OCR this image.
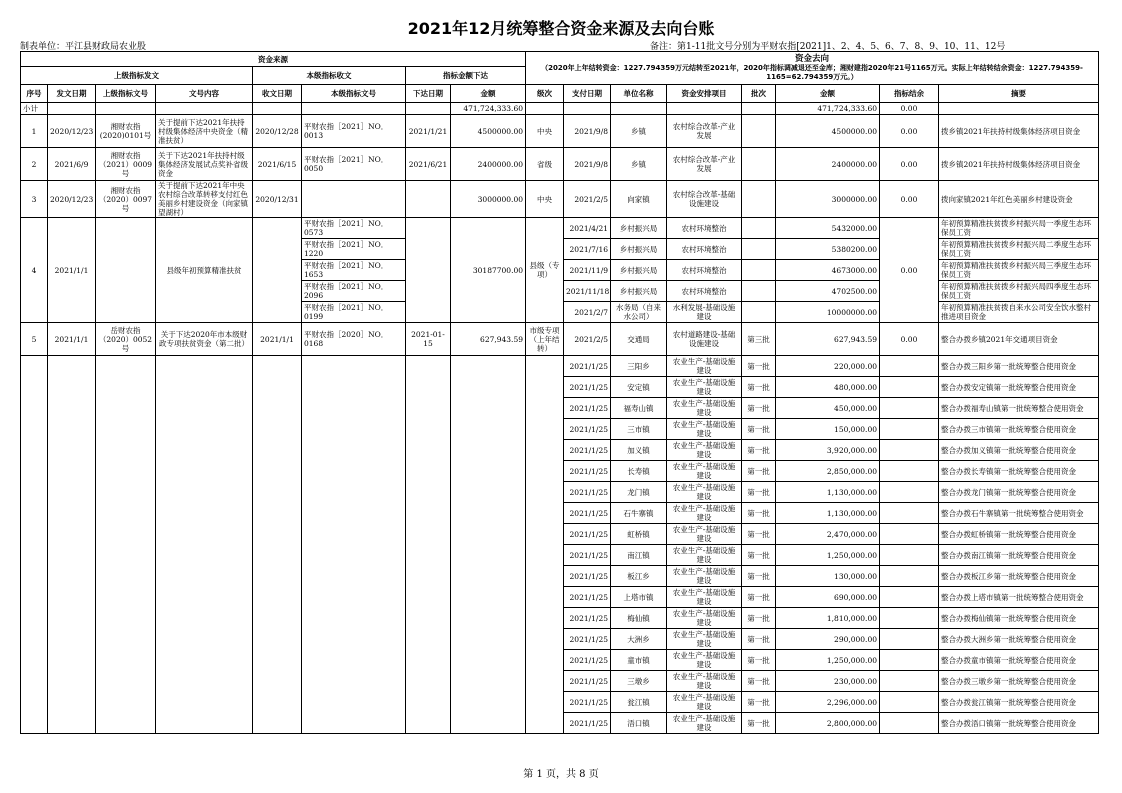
2021年12月统筹整合资金来源及去向台账
制表单位：平江县财政局农业股	备注：第1-11批文号分别为平财农指[2021]1、2、4、5、6、7、8、9、10、11、12号
资金来源								资金去向
（2020年上年结转资金：1227.794359万元结转至2021年，2020年指标调减退还至金库；湘财建指2020年21号1165万元。实际上年结转结余资金：1227.794359-1165=62.794359万元。）							

上级指标发文				本级指标收文		指标金额下达									
序号	发文日期	上级指标文号	文号内容	收文日期	本级指标文号	下达日期	金额	级次	支付日期	单位名称	资金安排项目	批次	金额	指标结余	摘要
小计							471,724,333.60						471,724,333.60	0.00	
1	2020/12/23	湘财农指(2020)0101号	关于提前下达2021年扶持村级集体经济中央资金（精准扶贫）	2020/12/28	平财农指［2021］NO．0013	2021/1/21	4500000.00	中央	2021/9/8	乡镇	农村综合改革-产业发展		4500000.00	0.00	拨乡镇2021年扶持村级集体经济项目资金
2	2021/6/9	湘财农指（2021）0009号	关于下达2021年扶持村级集体经济发展试点奖补省级资金	2021/6/15	平财农指［2021］NO．0050	2021/6/21	2400000.00	省级	2021/9/8	乡镇	农村综合改革-产业发展		2400000.00	0.00	拨乡镇2021年扶持村级集体经济项目资金
3	2020/12/23	湘财农指（2020）0097号	关于提前下达2021年中央农村综合改革转移支付红色美丽乡村建设资金（向家镇望湖村）	2020/12/31			3000000.00	中央	2021/2/5	向家镇	农村综合改革-基础设施建设		3000000.00	0.00	拨向家镇2021年红色美丽乡村建设资金
4	2021/1/1		县级年初预算精准扶贫		平财农指［2021］NO．0573		30187700.00	县级（专项）	2021/4/21	乡村振兴局	农村环境整治		5432000.00	0.00	年初预算精准扶贫拨乡村振兴局一季度生态环保员工资
					平财农指［2021］NO．1220				2021/7/16	乡村振兴局	农村环境整治		5380200.00		年初预算精准扶贫拨乡村振兴局二季度生态环保员工资
					平财农指［2021］NO．1653				2021/11/9	乡村振兴局	农村环境整治		4673000.00		年初预算精准扶贫拨乡村振兴局三季度生态环保员工资
					平财农指［2021］NO．2096				2021/11/18	乡村振兴局	农村环境整治		4702500.00		年初预算精准扶贫拨乡村振兴局四季度生态环保员工资
					平财农指［2021］NO．0199				2021/2/7	水务局（自来水公司）	水利发展-基础设施建设		10000000.00		年初预算精准扶贫拨自来水公司安全饮水整村推进项目资金
5	2021/1/1	岳财农指（2020）0052号	关于下达2020年市本级财政专项扶贫资金（第二批）	2021/1/1	平财农指［2020］NO．0168	2021-01-15	627,943.59	市级专项（上年结转）	2021/2/5	交通局	农村道路建设-基础设施建设	第三批	627,943.59	0.00	整合办拨乡镇2021年交通项目资金
									2021/1/25	三阳乡	农业生产-基础设施建设	第一批	220,000.00		整合办拨三阳乡第一批统筹整合使用资金
									2021/1/25	安定镇	农业生产-基础设施建设	第一批	480,000.00		整合办拨安定镇第一批统筹整合使用资金
									2021/1/25	福寿山镇	农业生产-基础设施建设	第一批	450,000.00		整合办拨福寿山镇第一批统筹整合使用资金
									2021/1/25	三市镇	农业生产-基础设施建设	第一批	150,000.00		整合办拨三市镇第一批统筹整合使用资金
									2021/1/25	加义镇	农业生产-基础设施建设	第一批	3,920,000.00		整合办拨加义镇第一批统筹整合使用资金
									2021/1/25	长寿镇	农业生产-基础设施建设	第一批	2,850,000.00		整合办拨长寿镇第一批统筹整合使用资金
									2021/1/25	龙门镇	农业生产-基础设施建设	第一批	1,130,000.00		整合办拨龙门镇第一批统筹整合使用资金
									2021/1/25	石牛寨镇	农业生产-基础设施建设	第一批	1,130,000.00		整合办拨石牛寨镇第一批统筹整合使用资金
									2021/1/25	虹桥镇	农业生产-基础设施建设	第一批	2,470,000.00		整合办拨虹桥镇第一批统筹整合使用资金
									2021/1/25	南江镇	农业生产-基础设施建设	第一批	1,250,000.00		整合办拨南江镇第一批统筹整合使用资金
									2021/1/25	板江乡	农业生产-基础设施建设	第一批	130,000.00		整合办拨板江乡第一批统筹整合使用资金
									2021/1/25	上塔市镇	农业生产-基础设施建设	第一批	690,000.00		整合办拨上塔市镇第一批统筹整合使用资金
									2021/1/25	梅仙镇	农业生产-基础设施建设	第一批	1,810,000.00		整合办拨梅仙镇第一批统筹整合使用资金
									2021/1/25	大洲乡	农业生产-基础设施建设	第一批	290,000.00		整合办拨大洲乡第一批统筹整合使用资金
									2021/1/25	童市镇	农业生产-基础设施建设	第一批	1,250,000.00		整合办拨童市镇第一批统筹整合使用资金
									2021/1/25	三墩乡	农业生产-基础设施建设	第一批	230,000.00		整合办拨三墩乡第一批统筹整合使用资金
									2021/1/25	瓮江镇	农业生产-基础设施建设	第一批	2,296,000.00		整合办拨瓮江镇第一批统筹整合使用资金
									2021/1/25	浯口镇	农业生产-基础设施建设	第一批	2,800,000.00		整合办拨浯口镇第一批统筹整合使用资金
第 1 页，共 8 页
